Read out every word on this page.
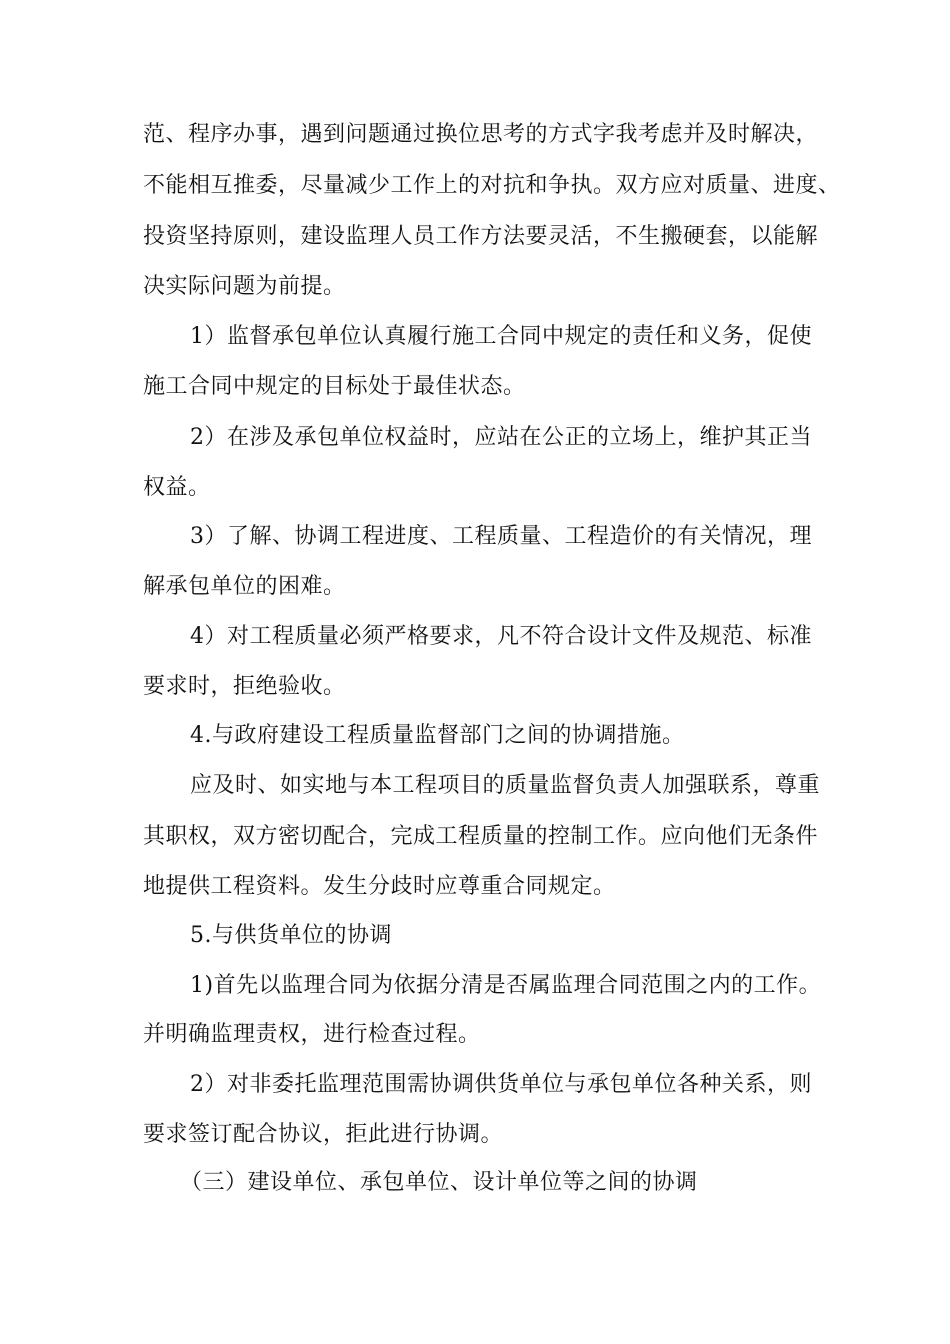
范、程序办事，遇到问题通过换位思考的方式字我考虑并及时解决，
不能相互推委，尽量减少工作上的对抗和争执。双方应对质量、进度、
投资坚持原则，建设监理人员工作方法要灵活，不生搬硬套，以能解
决实际问题为前提。
1）监督承包单位认真履行施工合同中规定的责任和义务，促使
施工合同中规定的目标处于最佳状态。
2）在涉及承包单位权益时，应站在公正的立场上，维护其正当
权益。
3）了解、协调工程进度、工程质量、工程造价的有关情况，理
解承包单位的困难。
4）对工程质量必须严格要求，凡不符合设计文件及规范、标准
要求时，拒绝验收。
4.与政府建设工程质量监督部门之间的协调措施。
应及时、如实地与本工程项目的质量监督负责人加强联系，尊重
其职权，双方密切配合，完成工程质量的控制工作。应向他们无条件
地提供工程资料。发生分歧时应尊重合同规定。
5.与供货单位的协调
1)首先以监理合同为依据分清是否属监理合同范围之内的工作。
并明确监理责权，进行检查过程。
2）对非委托监理范围需协调供货单位与承包单位各种关系，则
要求签订配合协议，拒此进行协调。
（三）建设单位、承包单位、设计单位等之间的协调
